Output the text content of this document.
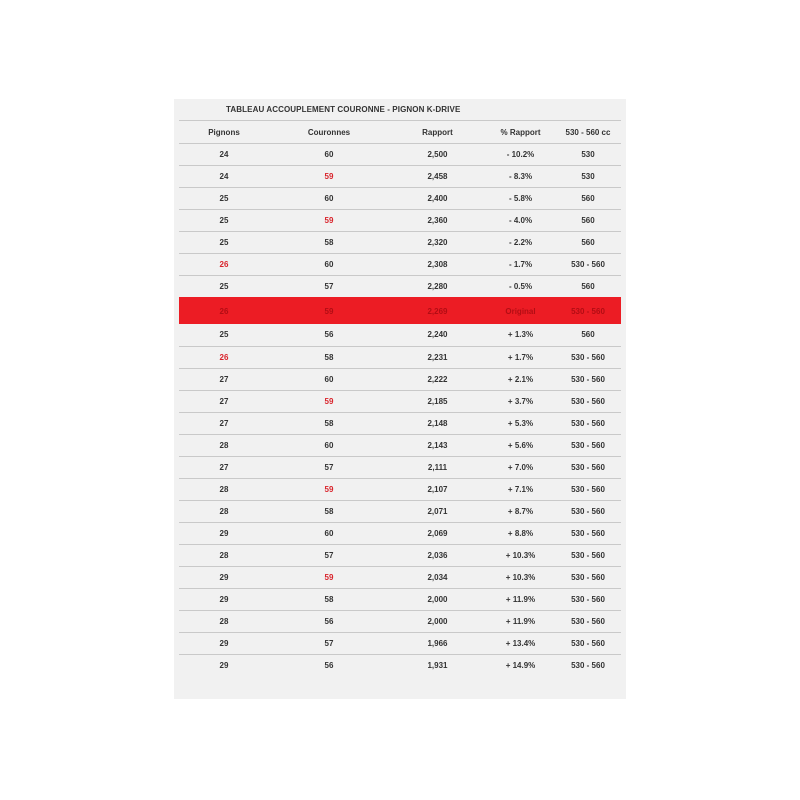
TABLEAU ACCOUPLEMENT COURONNE - PIGNON K-DRIVE
Pignons	Couronnes	Rapport	% Rapport	530 - 560 cc
24	60	2,500	- 10.2%	530
24	59	2,458	- 8.3%	530
25	60	2,400	- 5.8%	560
25	59	2,360	- 4.0%	560
25	58	2,320	- 2.2%	560
26	60	2,308	- 1.7%	530 - 560
25	57	2,280	- 0.5%	560
26	59	2,269	Original	530 - 560
25	56	2,240	+ 1.3%	560
26	58	2,231	+ 1.7%	530 - 560
27	60	2,222	+ 2.1%	530 - 560
27	59	2,185	+ 3.7%	530 - 560
27	58	2,148	+ 5.3%	530 - 560
28	60	2,143	+ 5.6%	530 - 560
27	57	2,111	+ 7.0%	530 - 560
28	59	2,107	+ 7.1%	530 - 560
28	58	2,071	+ 8.7%	530 - 560
29	60	2,069	+ 8.8%	530 - 560
28	57	2,036	+ 10.3%	530 - 560
29	59	2,034	+ 10.3%	530 - 560
29	58	2,000	+ 11.9%	530 - 560
28	56	2,000	+ 11.9%	530 - 560
29	57	1,966	+ 13.4%	530 - 560
29	56	1,931	+ 14.9%	530 - 560
